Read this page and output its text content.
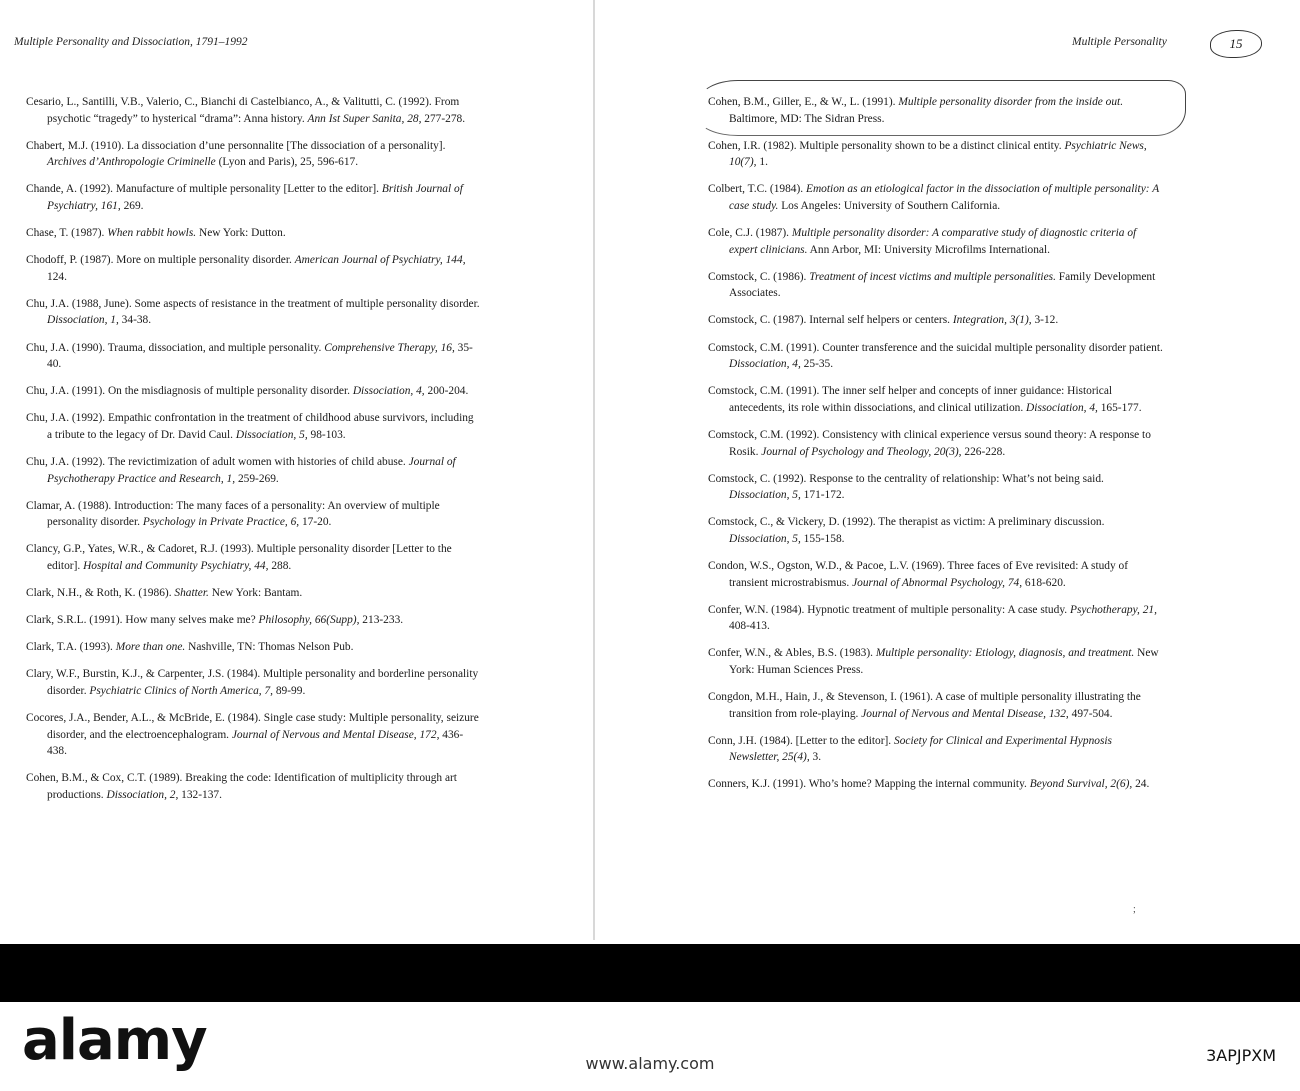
Multiple Personality and Dissociation, 1791–1992	Multiple Personality	15

Cesario, L., Santilli, V.B., Valerio, C., Bianchi di Castelbianco, A., & Valitutti, C. (1992). From psychotic “tragedy” to hysterical “drama”: Anna history. Ann Ist Super Sanita, 28, 277-278.

Chabert, M.J. (1910). La dissociation d’une personnalite [The dissociation of a personality]. Archives d’Anthropologie Criminelle (Lyon and Paris), 25, 596-617.

Chande, A. (1992). Manufacture of multiple personality [Letter to the editor]. British Journal of Psychiatry, 161, 269.

Chase, T. (1987). When rabbit howls. New York: Dutton.

Chodoff, P. (1987). More on multiple personality disorder. American Journal of Psychiatry, 144, 124.

Chu, J.A. (1988, June). Some aspects of resistance in the treatment of multiple personality disorder. Dissociation, 1, 34-38.

Chu, J.A. (1990). Trauma, dissociation, and multiple personality. Comprehensive Therapy, 16, 35-40.

Chu, J.A. (1991). On the misdiagnosis of multiple personality disorder. Dissociation, 4, 200-204.

Chu, J.A. (1992). Empathic confrontation in the treatment of childhood abuse survivors, including a tribute to the legacy of Dr. David Caul. Dissociation, 5, 98-103.

Chu, J.A. (1992). The revictimization of adult women with histories of child abuse. Journal of Psychotherapy Practice and Research, 1, 259-269.

Clamar, A. (1988). Introduction: The many faces of a personality: An overview of multiple personality disorder. Psychology in Private Practice, 6, 17-20.

Clancy, G.P., Yates, W.R., & Cadoret, R.J. (1993). Multiple personality disorder [Letter to the editor]. Hospital and Community Psychiatry, 44, 288.

Clark, N.H., & Roth, K. (1986). Shatter. New York: Bantam.

Clark, S.R.L. (1991). How many selves make me? Philosophy, 66(Supp), 213-233.

Clark, T.A. (1993). More than one. Nashville, TN: Thomas Nelson Pub.

Clary, W.F., Burstin, K.J., & Carpenter, J.S. (1984). Multiple personality and borderline personality disorder. Psychiatric Clinics of North America, 7, 89-99.

Cocores, J.A., Bender, A.L., & McBride, E. (1984). Single case study: Multiple personality, seizure disorder, and the electroencephalogram. Journal of Nervous and Mental Disease, 172, 436-438.

Cohen, B.M., & Cox, C.T. (1989). Breaking the code: Identification of multiplicity through art productions. Dissociation, 2, 132-137.

Cohen, B.M., Giller, E., & W., L. (1991). Multiple personality disorder from the inside out. Baltimore, MD: The Sidran Press.

Cohen, I.R. (1982). Multiple personality shown to be a distinct clinical entity. Psychiatric News, 10(7), 1.

Colbert, T.C. (1984). Emotion as an etiological factor in the dissociation of multiple personality: A case study. Los Angeles: University of Southern California.

Cole, C.J. (1987). Multiple personality disorder: A comparative study of diagnostic criteria of expert clinicians. Ann Arbor, MI: University Microfilms International.

Comstock, C. (1986). Treatment of incest victims and multiple personalities. Family Development Associates.

Comstock, C. (1987). Internal self helpers or centers. Integration, 3(1), 3-12.

Comstock, C.M. (1991). Counter transference and the suicidal multiple personality disorder patient. Dissociation, 4, 25-35.

Comstock, C.M. (1991). The inner self helper and concepts of inner guidance: Historical antecedents, its role within dissociations, and clinical utilization. Dissociation, 4, 165-177.

Comstock, C.M. (1992). Consistency with clinical experience versus sound theory: A response to Rosik. Journal of Psychology and Theology, 20(3), 226-228.

Comstock, C. (1992). Response to the centrality of relationship: What’s not being said. Dissociation, 5, 171-172.

Comstock, C., & Vickery, D. (1992). The therapist as victim: A preliminary discussion. Dissociation, 5, 155-158.

Condon, W.S., Ogston, W.D., & Pacoe, L.V. (1969). Three faces of Eve revisited: A study of transient microstrabismus. Journal of Abnormal Psychology, 74, 618-620.

Confer, W.N. (1984). Hypnotic treatment of multiple personality: A case study. Psychotherapy, 21, 408-413.

Confer, W.N., & Ables, B.S. (1983). Multiple personality: Etiology, diagnosis, and treatment. New York: Human Sciences Press.

Congdon, M.H., Hain, J., & Stevenson, I. (1961). A case of multiple personality illustrating the transition from role-playing. Journal of Nervous and Mental Disease, 132, 497-504.

Conn, J.H. (1984). [Letter to the editor]. Society for Clinical and Experimental Hypnosis Newsletter, 25(4), 3.

Conners, K.J. (1991). Who’s home? Mapping the internal community. Beyond Survival, 2(6), 24.

;
alamy	3APJPXM
www.alamy.com
